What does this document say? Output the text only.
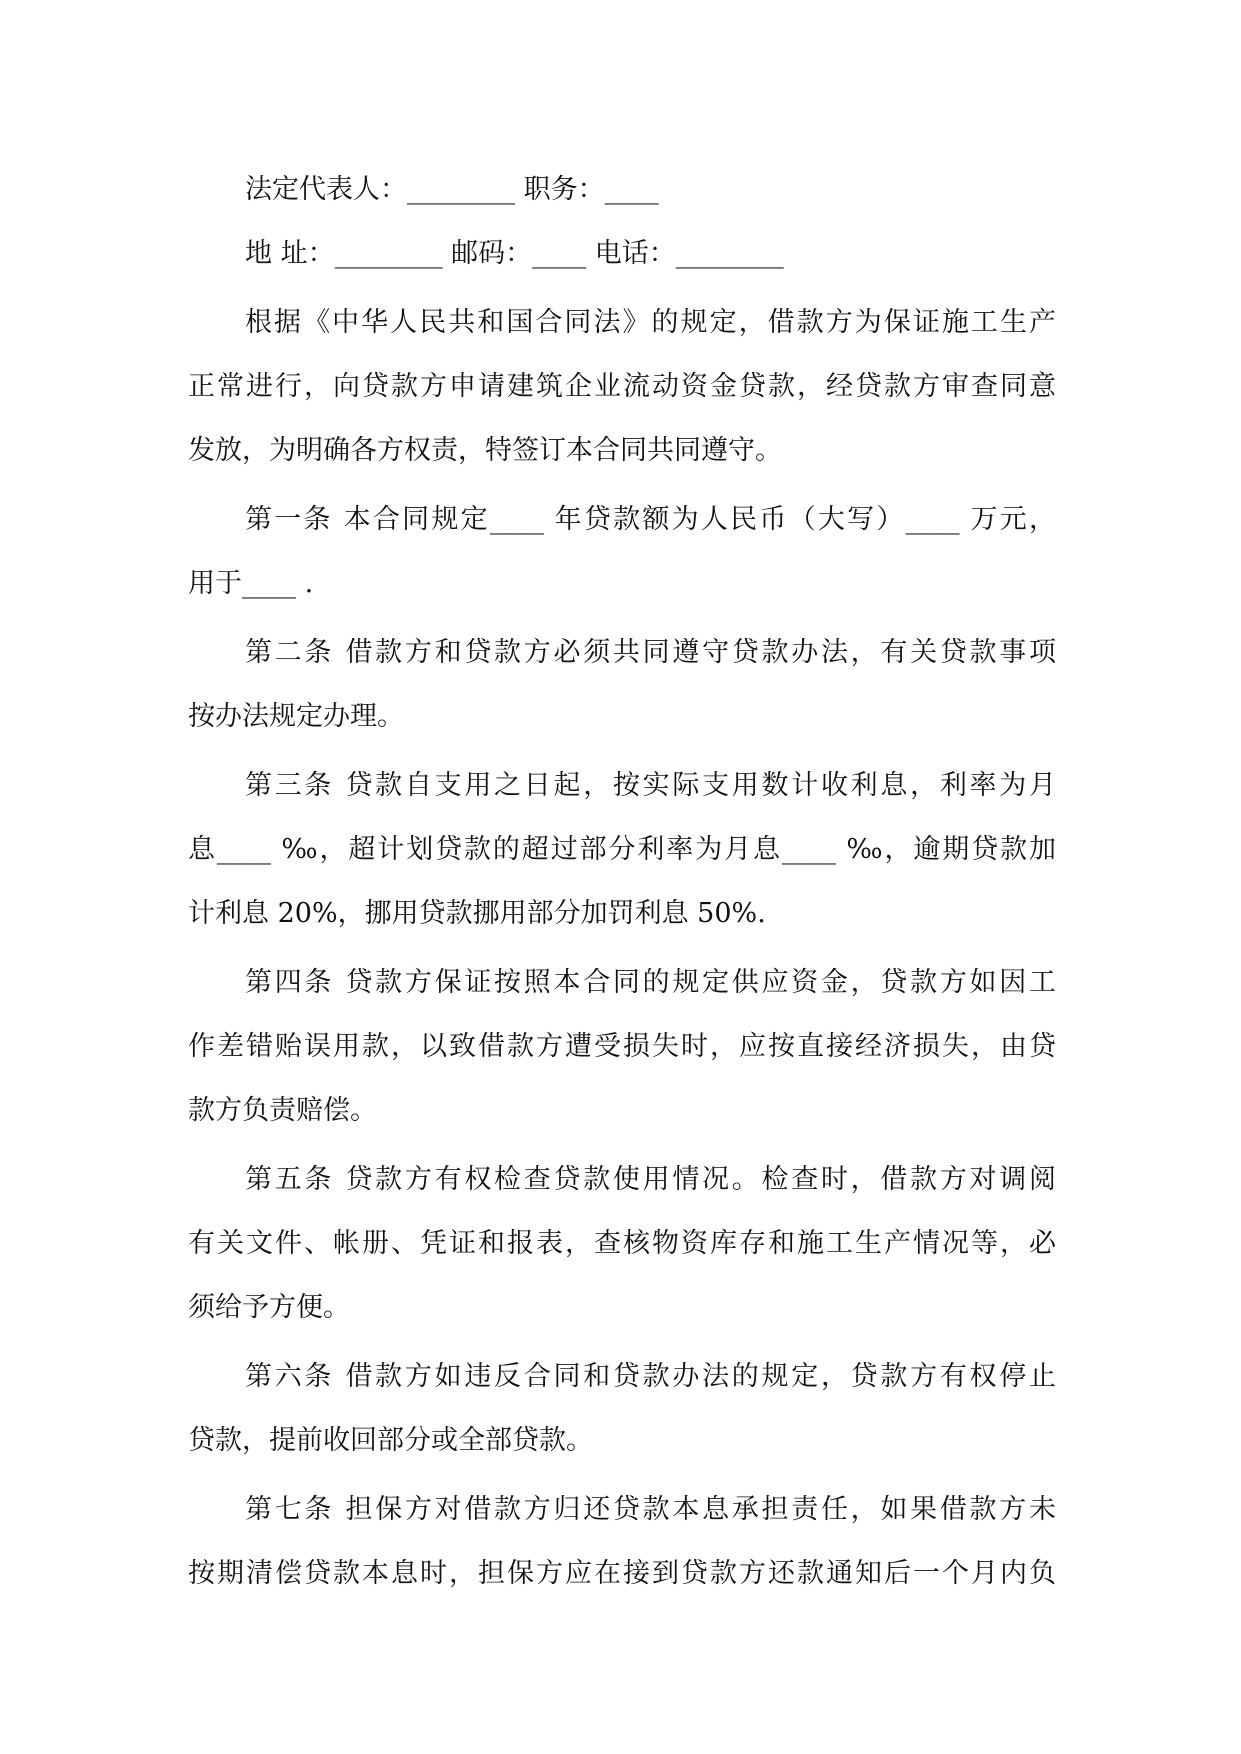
法定代表人：________ 职务：____
地 址：________ 邮码：____ 电话：________
根据《中华人民共和国合同法》的规定，借款方为保证施工生产
正常进行，向贷款方申请建筑企业流动资金贷款，经贷款方审查同意
发放，为明确各方权责，特签订本合同共同遵守。
第一条 本合同规定____ 年贷款额为人民币（大写）____ 万元，
用于____ .
第二条 借款方和贷款方必须共同遵守贷款办法，有关贷款事项
按办法规定办理。
第三条 贷款自支用之日起，按实际支用数计收利息，利率为月
息____ ‰，超计划贷款的超过部分利率为月息____ ‰，逾期贷款加
计利息 20%，挪用贷款挪用部分加罚利息 50%.
第四条 贷款方保证按照本合同的规定供应资金，贷款方如因工
作差错贻误用款，以致借款方遭受损失时，应按直接经济损失，由贷
款方负责赔偿。
第五条 贷款方有权检查贷款使用情况。检查时，借款方对调阅
有关文件、帐册、凭证和报表，查核物资库存和施工生产情况等，必
须给予方便。
第六条 借款方如违反合同和贷款办法的规定，贷款方有权停止
贷款，提前收回部分或全部贷款。
第七条 担保方对借款方归还贷款本息承担责任，如果借款方未
按期清偿贷款本息时，担保方应在接到贷款方还款通知后一个月内负
